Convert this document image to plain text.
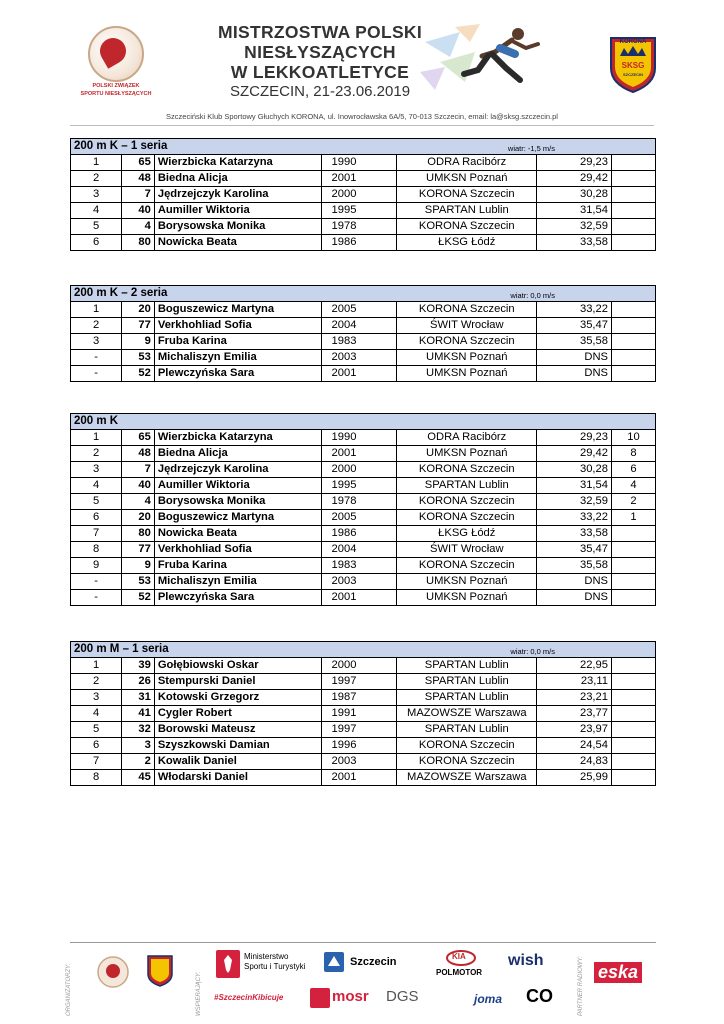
POLSKI ZWIĄZEK
SPORTU NIESŁYSZĄCYCH
MISTRZOSTWA POLSKI
NIESŁYSZĄCYCH
W LEKKOATLETYCE
SZCZECIN, 21-23.06.2019
KORONA
SKSG
SZCZECIN
Szczeciński Klub Sportowy Głuchych KORONA, ul. Inowrocławska 6A/5, 70-013 Szczecin, email: la@sksg.szczecin.pl
200 m K – 1 seria wiatr: -1,5 m/s						

1	65	Wierzbicka Katarzyna	1990	ODRA Racibórz	29,23	
2	48	Biedna Alicja	2001	UMKSN Poznań	29,42	
3	7	Jędrzejczyk Karolina	2000	KORONA Szczecin	30,28	
4	40	Aumiller Wiktoria	1995	SPARTAN Lublin	31,54	
5	4	Borysowska Monika	1978	KORONA Szczecin	32,59	
6	80	Nowicka Beata	1986	ŁKSG Łódź	33,58	
200 m K – 2 seria wiatr: 0,0 m/s						

1	20	Boguszewicz Martyna	2005	KORONA Szczecin	33,22	
2	77	Verkhohliad Sofia	2004	ŚWIT Wrocław	35,47	
3	9	Fruba Karina	1983	KORONA Szczecin	35,58	
-	53	Michaliszyn Emilia	2003	UMKSN Poznań	DNS	
-	52	Plewczyńska Sara	2001	UMKSN Poznań	DNS	
200 m K						
1	65	Wierzbicka Katarzyna	1990	ODRA Racibórz	29,23	10
2	48	Biedna Alicja	2001	UMKSN Poznań	29,42	8
3	7	Jędrzejczyk Karolina	2000	KORONA Szczecin	30,28	6
4	40	Aumiller Wiktoria	1995	SPARTAN Lublin	31,54	4
5	4	Borysowska Monika	1978	KORONA Szczecin	32,59	2
6	20	Boguszewicz Martyna	2005	KORONA Szczecin	33,22	1
7	80	Nowicka Beata	1986	ŁKSG Łódź	33,58	
8	77	Verkhohliad Sofia	2004	ŚWIT Wrocław	35,47	
9	9	Fruba Karina	1983	KORONA Szczecin	35,58	
-	53	Michaliszyn Emilia	2003	UMKSN Poznań	DNS	
-	52	Plewczyńska Sara	2001	UMKSN Poznań	DNS	
200 m M – 1 seria wiatr: 0,0 m/s						

1	39	Gołębiowski Oskar	2000	SPARTAN Lublin	22,95	
2	26	Stempurski Daniel	1997	SPARTAN Lublin	23,11	
3	31	Kotowski Grzegorz	1987	SPARTAN Lublin	23,21	
4	41	Cygler Robert	1991	MAZOWSZE Warszawa	23,77	
5	32	Borowski Mateusz	1997	SPARTAN Lublin	23,97	
6	3	Szyszkowski Damian	1996	KORONA Szczecin	24,54	
7	2	Kowalik Daniel	2003	KORONA Szczecin	24,83	
8	45	Włodarski Daniel	2001	MAZOWSZE Warszawa	25,99	
ORGANIZATORZY:	WSPIERAJĄCY:	PARTNER RADIOWY:
Ministerstwo
Sportu i Turystyki
#SzczecinKibicuje
Szczecin
mosr DGS
KIA
POLMOTOR
joma
wish
CO
eska
